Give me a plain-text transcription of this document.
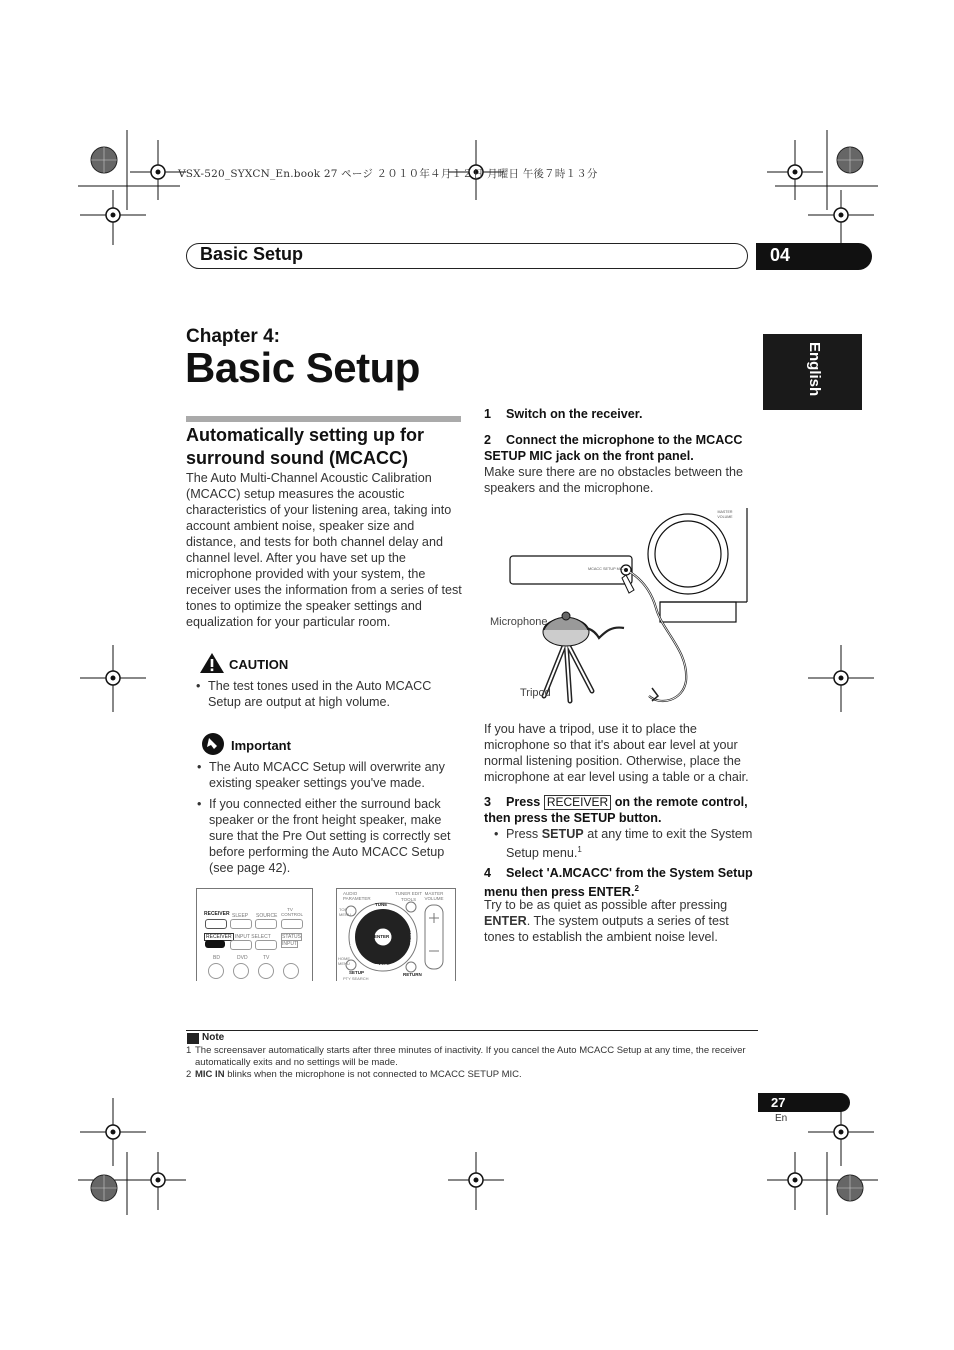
VSX-520_SYXCN_En.book 27 ページ ２０１０年４月１２日 月曜日 午後７時１３分
Basic Setup	04
English
Chapter 4:
Basic Setup
Automatically setting up for surround sound (MCACC)
The Auto Multi-Channel Acoustic Calibration (MCACC) setup measures the acoustic characteristics of your listening area, taking into account ambient noise, speaker size and distance, and tests for both channel delay and channel level. After you have set up the microphone provided with your system, the receiver uses the information from a series of test tones to optimize the speaker settings and equalization for your particular room.
CAUTION
• The test tones used in the Auto MCACC Setup are output at high volume.
Important
• The Auto MCACC Setup will overwrite any existing speaker settings you've made.
• If you connected either the surround back speaker or the front height speaker, make sure that the Pre Out setting is correctly set before performing the Auto MCACC Setup (see page 42).
RECEIVER SLEEP SOURCE
TV CONTROL
RECEIVER INPUT SELECT STATUS
INPUT
BD	DVD	TV
AUDIO PARAMETER
TUNER EDIT
TOOLS
MASTER VOLUME
TOP MENU
TUNE
PRESET	ENTER	PRESET
TUNE
HOME MENU
SETUP	RETURN
PTY SEARCH
1 Switch on the receiver.
2 Connect the microphone to the MCACC SETUP MIC jack on the front panel.
Make sure there are no obstacles between the speakers and the microphone.
MCACC SETUP MIC
MASTER VOLUME
Microphone
Tripod
If you have a tripod, use it to place the microphone so that it's about ear level at your normal listening position. Otherwise, place the microphone at ear level using a table or a chair.
3 Press RECEIVER on the remote control, then press the SETUP button.
• Press SETUP at any time to exit the System Setup menu.$^1$
4 Select 'A.MCACC' from the System Setup menu then press ENTER.$^2$
Try to be as quiet as possible after pressing ENTER. The system outputs a series of test tones to establish the ambient noise level.
Note
1 The screensaver automatically starts after three minutes of inactivity. If you cancel the Auto MCACC Setup at any time, the receiver automatically exits and no settings will be made.
2 MIC IN blinks when the microphone is not connected to MCACC SETUP MIC.
27
En
